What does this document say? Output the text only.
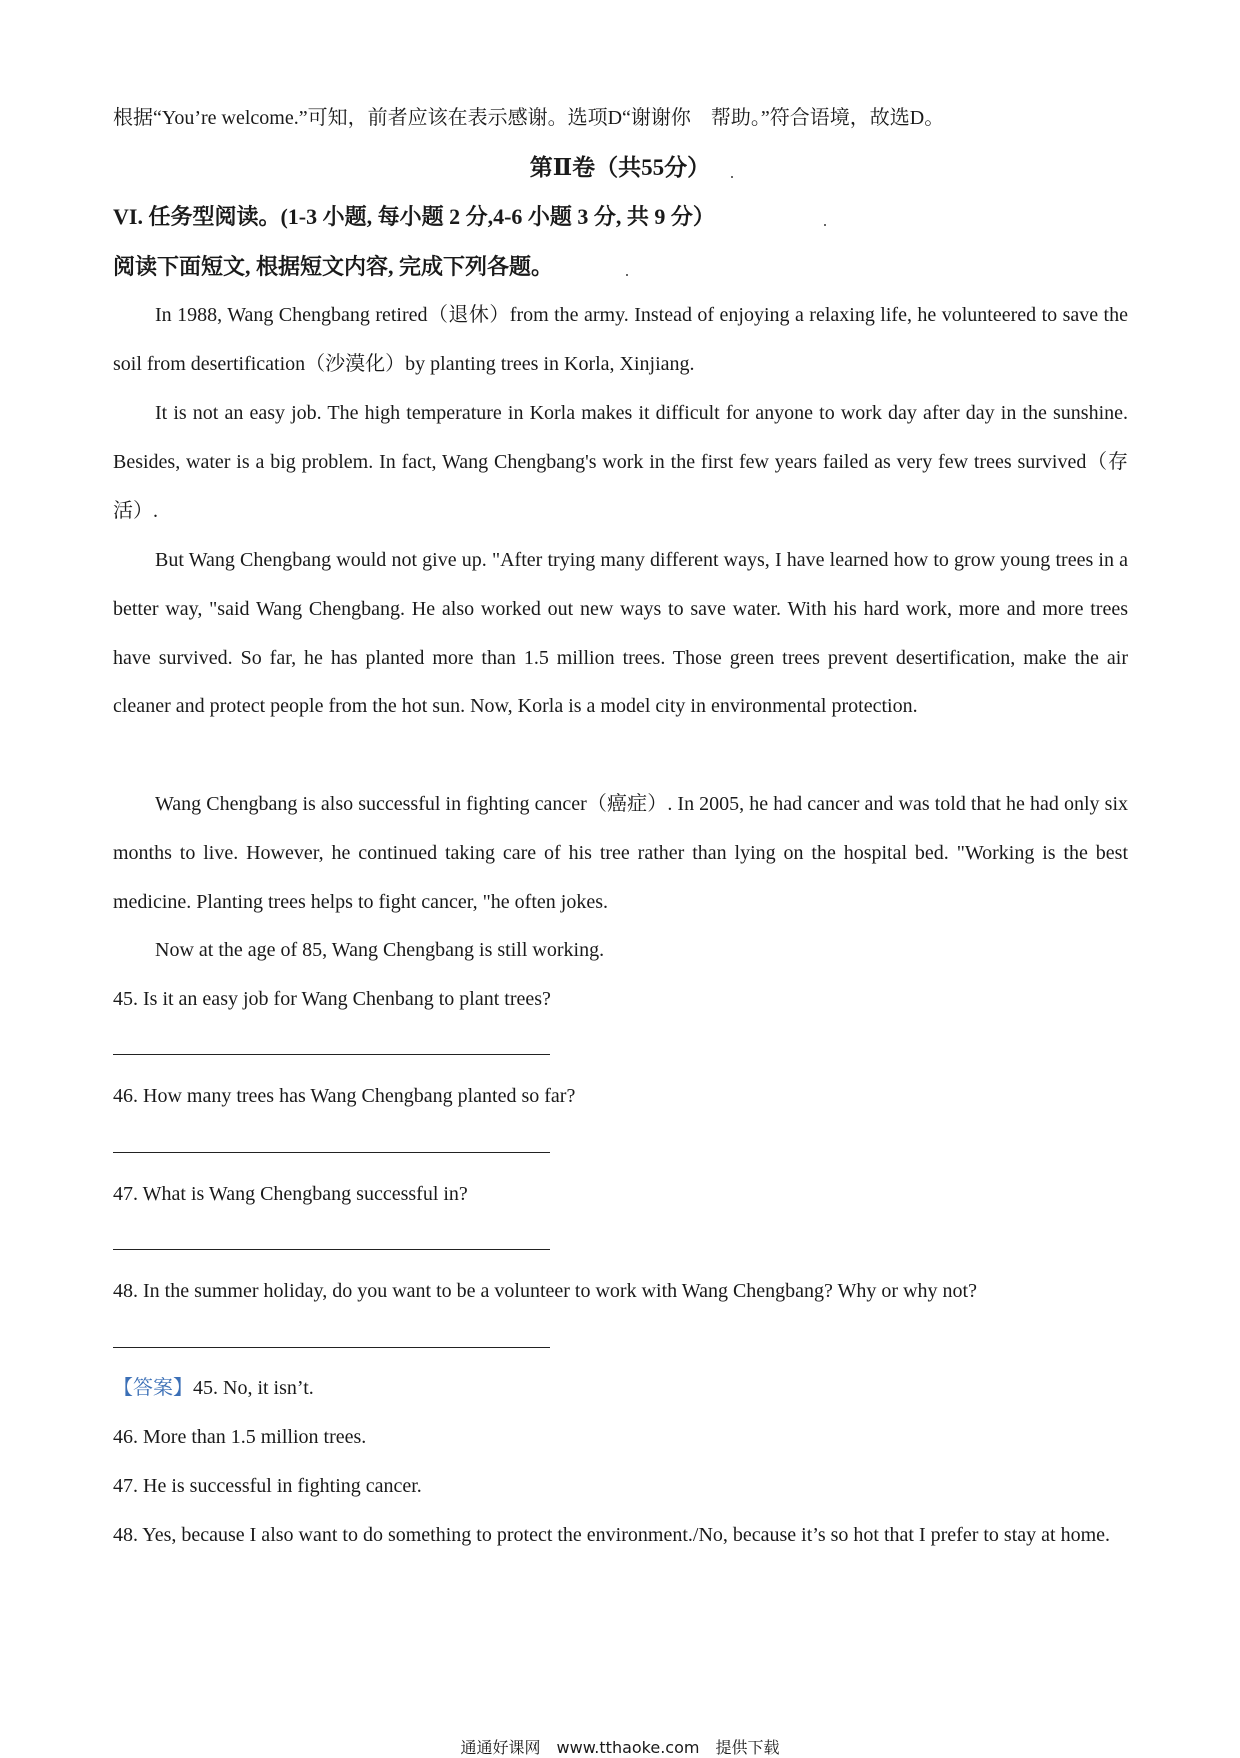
根据“You’re welcome.”可知，前者应该在表示感谢。选项D“谢谢你　帮助。”符合语境，故选D。
第Ⅱ卷（共55分）
VI. 任务型阅读。(1-3 小题, 每小题 2 分,4-6 小题 3 分, 共 9 分）
阅读下面短文, 根据短文内容, 完成下列各题。
In 1988, Wang Chengbang retired（退休）from the army. Instead of enjoying a relaxing life, he volunteered to save the soil from desertification（沙漠化）by planting trees in Korla, Xinjiang.
It is not an easy job. The high temperature in Korla makes it difficult for anyone to work day after day in the sunshine. Besides, water is a big problem. In fact, Wang Chengbang's work in the first few years failed as very few trees survived（存活）.
But Wang Chengbang would not give up. "After trying many different ways, I have learned how to grow young trees in a better way, "said Wang Chengbang. He also worked out new ways to save water. With his hard work, more and more trees have survived. So far, he has planted more than 1.5 million trees. Those green trees prevent desertification, make the air cleaner and protect people from the hot sun. Now, Korla is a model city in environmental protection.
Wang Chengbang is also successful in fighting cancer（癌症）. In 2005, he had cancer and was told that he had only six months to live. However, he continued taking care of his tree rather than lying on the hospital bed. "Working is the best medicine. Planting trees helps to fight cancer, "he often jokes.
Now at the age of 85, Wang Chengbang is still working.
45. Is it an easy job for Wang Chenbang to plant trees?
46. How many trees has Wang Chengbang planted so far?
47. What is Wang Chengbang successful in?
48. In the summer holiday, do you want to be a volunteer to work with Wang Chengbang? Why or why not?
【答案】45. No, it isn’t.
46. More than 1.5 million trees.
47. He is successful in fighting cancer.
48. Yes, because I also want to do something to protect the environment./No, because it’s so hot that I prefer to stay at home.
通通好课网　www.tthaoke.com　提供下载
